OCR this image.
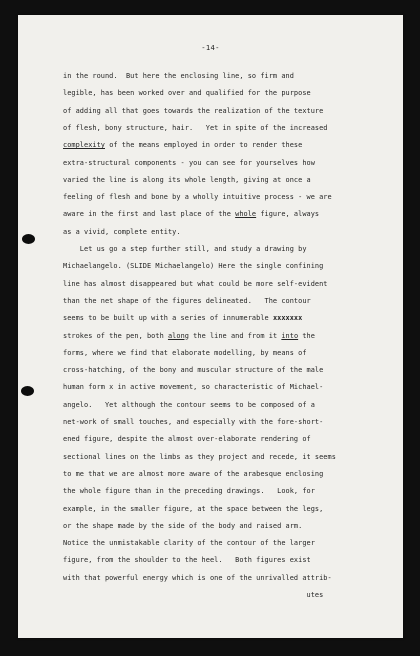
-14-
in the round.  But here the enclosing line, so firm and
legible, has been worked over and qualified for the purpose
of adding all that goes towards the realization of the texture
of flesh, bony structure, hair.   Yet in spite of the increased
complexity of the means employed in order to render these
extra-structural components - you can see for yourselves how
varied the line is along its whole length, giving at once a
feeling of flesh and bone by a wholly intuitive process - we are
aware in the first and last place of the whole figure, always
as a vivid, complete entity.
Let us go a step further still, and study a drawing by
Michaelangelo. (SLIDE Michaelangelo) Here the single confining
line has almost disappeared but what could be more self-evident
than the net shape of the figures delineated.   The contour
seems to be built up with a series of innumerable xxxxxxx
strokes of the pen, both along the line and from it into the
forms, where we find that elaborate modelling, by means of
cross-hatching, of the bony and muscular structure of the male
human form x in active movement, so characteristic of Michael-
angelo.   Yet although the contour seems to be composed of a
net-work of small touches, and especially with the fore-short-
ened figure, despite the almost over-elaborate rendering of
sectional lines on the limbs as they project and recede, it seems
to me that we are almost more aware of the arabesque enclosing
the whole figure than in the preceding drawings.   Look, for
example, in the smaller figure, at the space between the legs,
or the shape made by the side of the body and raised arm.
Notice the unmistakable clarity of the contour of the larger
figure, from the shoulder to the heel.   Both figures exist
with that powerful energy which is one of the unrivalled attrib-
utes
